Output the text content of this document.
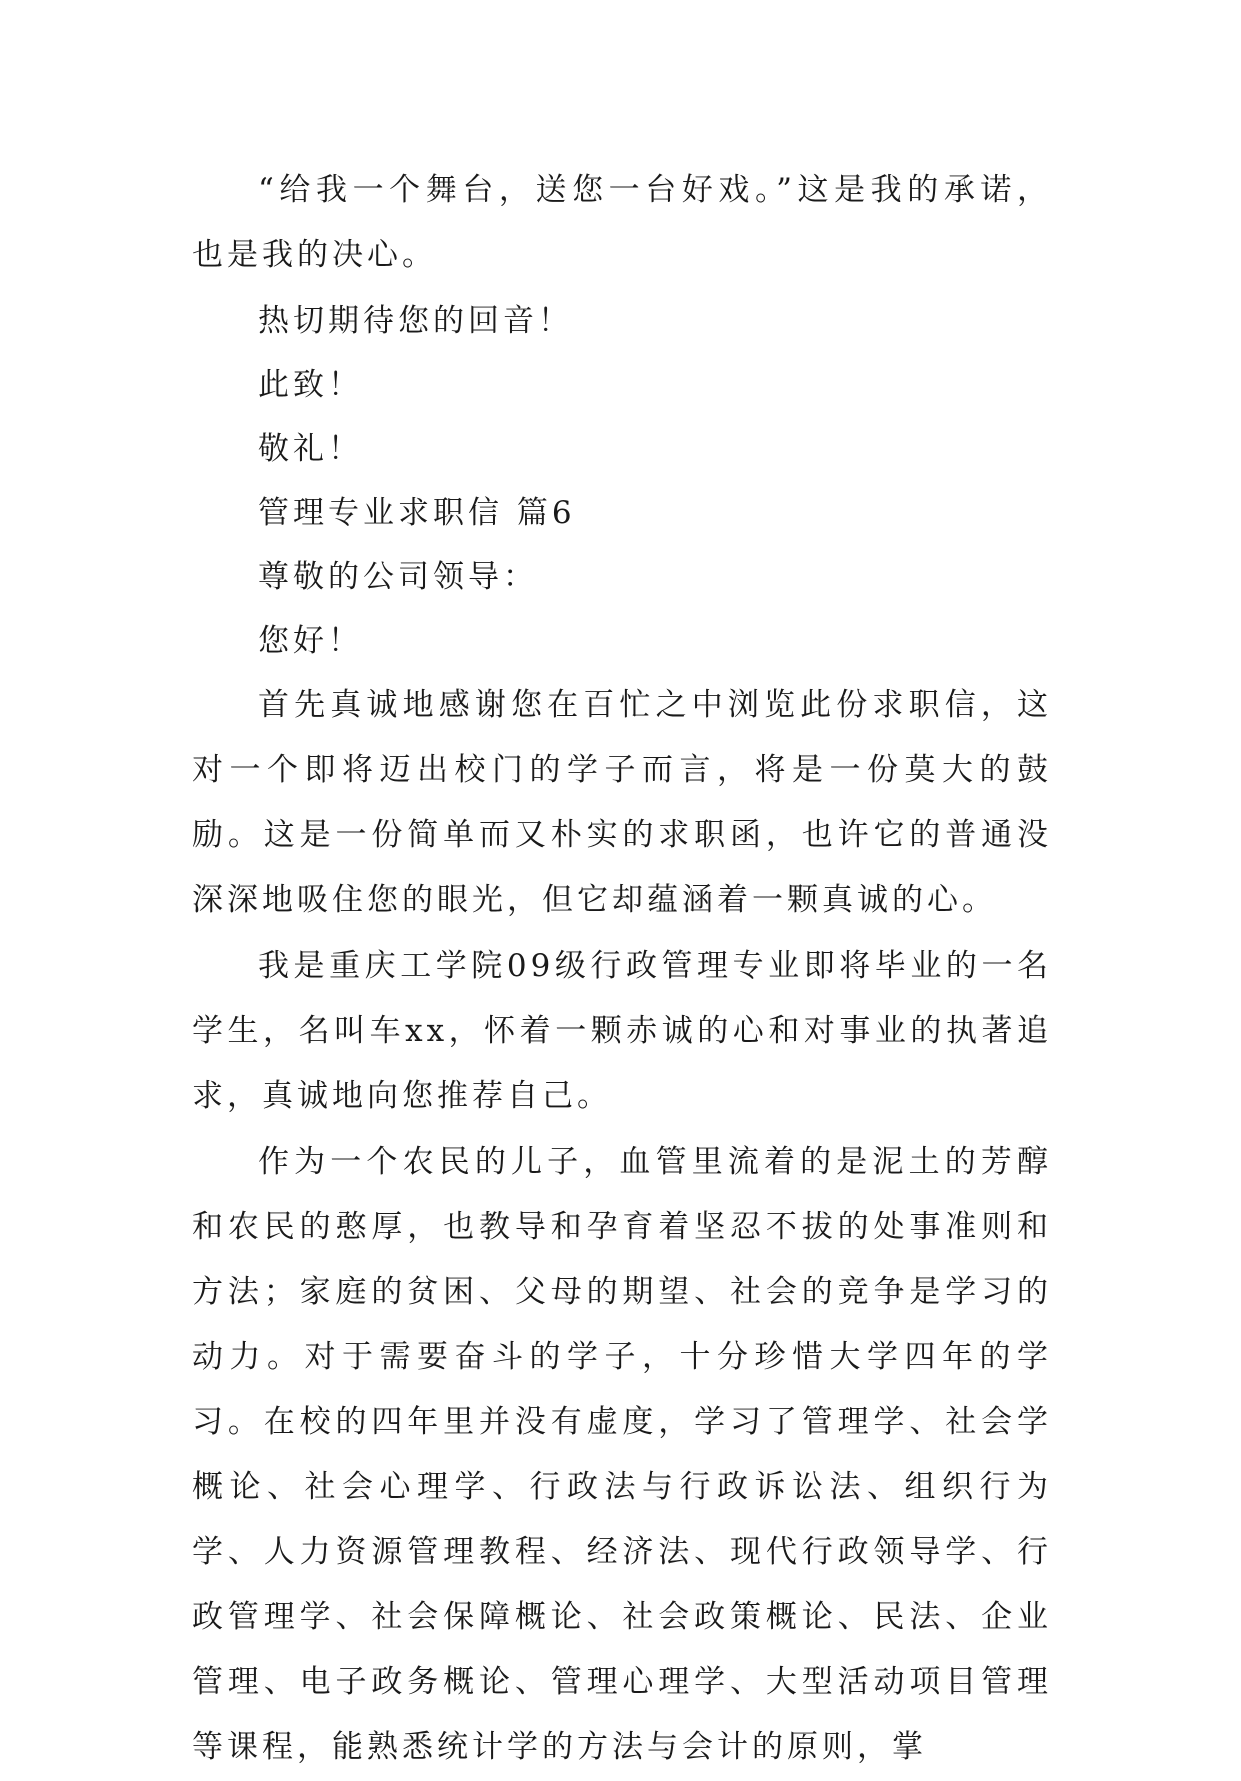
“给我一个舞台，送您一台好戏。”这是我的承诺，也是我的决心。

热切期待您的回音！

此致！

敬礼！

管理专业求职信 篇6

尊敬的公司领导：

您好！

首先真诚地感谢您在百忙之中浏览此份求职信，这对一个即将迈出校门的学子而言，将是一份莫大的鼓励。这是一份简单而又朴实的求职函，也许它的普通没深深地吸住您的眼光，但它却蕴涵着一颗真诚的心。

我是重庆工学院09级行政管理专业即将毕业的一名学生，名叫车xx，怀着一颗赤诚的心和对事业的执著追求，真诚地向您推荐自己。

作为一个农民的儿子，血管里流着的是泥土的芳醇和农民的憨厚，也教导和孕育着坚忍不拔的处事准则和方法；家庭的贫困、父母的期望、社会的竞争是学习的动力。对于需要奋斗的学子，十分珍惜大学四年的学习。在校的四年里并没有虚度，学习了管理学、社会学概论、社会心理学、行政法与行政诉讼法、组织行为学、人力资源管理教程、经济法、现代行政领导学、行政管理学、社会保障概论、社会政策概论、民法、企业管理、电子政务概论、管理心理学、大型活动项目管理等课程，能熟悉统计学的方法与会计的原则，掌
